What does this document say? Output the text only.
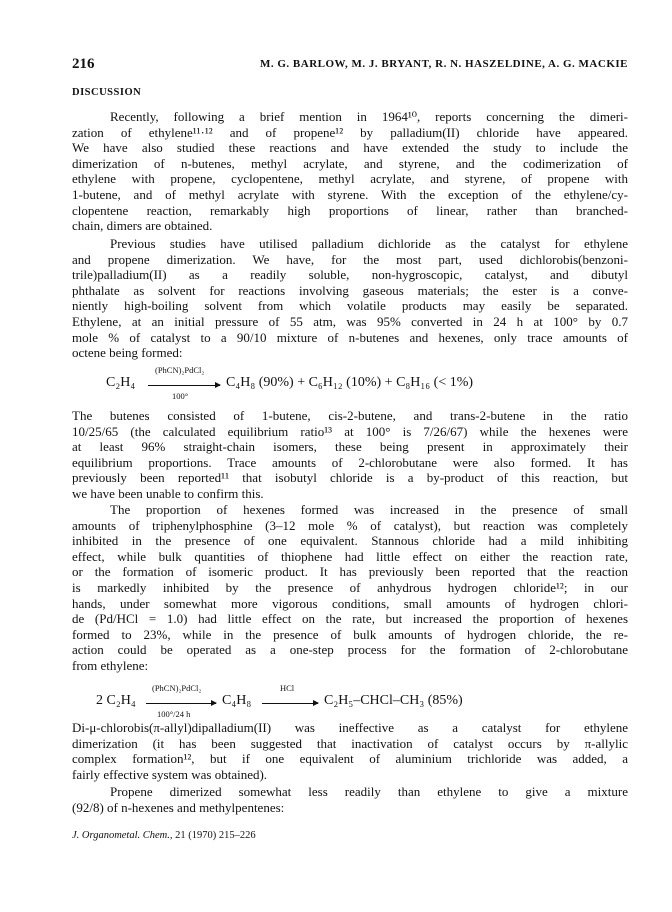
216	M. G. BARLOW, M. J. BRYANT, R. N. HASZELDINE, A. G. MACKIE
DISCUSSION
Recently, following a brief mention in 1964¹⁰, reports concerning the dimeri-
zation of ethylene¹¹·¹² and of propene¹² by palladium(II) chloride have appeared.
We have also studied these reactions and have extended the study to include the
dimerization of n-butenes, methyl acrylate, and styrene, and the codimerization of
ethylene with propene, cyclopentene, methyl acrylate, and styrene, of propene with
1-butene, and of methyl acrylate with styrene. With the exception of the ethylene/cy-
clopentene reaction, remarkably high proportions of linear, rather than branched-
chain, dimers are obtained.
Previous studies have utilised palladium dichloride as the catalyst for ethylene
and propene dimerization. We have, for the most part, used dichlorobis(benzoni-
trile)palladium(II) as a readily soluble, non-hygroscopic, catalyst, and dibutyl
phthalate as solvent for reactions involving gaseous materials; the ester is a conve-
niently high-boiling solvent from which volatile products may easily be separated.
Ethylene, at an initial pressure of 55 atm, was 95% converted in 24 h at 100° by 0.7
mole % of catalyst to a 90/10 mixture of n-butenes and hexenes, only trace amounts of
octene being formed:
(PhCN)₂PdCl₂
C₂H₄
100°
C₄H₈ (90%) + C₆H₁₂ (10%) + C₈H₁₆ (< 1%)
The butenes consisted of 1-butene, cis-2-butene, and trans-2-butene in the ratio
10/25/65 (the calculated equilibrium ratio¹³ at 100° is 7/26/67) while the hexenes were
at least 96% straight-chain isomers, these being present in approximately their
equilibrium proportions. Trace amounts of 2-chlorobutane were also formed. It has
previously been reported¹¹ that isobutyl chloride is a by-product of this reaction, but
we have been unable to confirm this.
The proportion of hexenes formed was increased in the presence of small
amounts of triphenylphosphine (3–12 mole % of catalyst), but reaction was completely
inhibited in the presence of one equivalent. Stannous chloride had a mild inhibiting
effect, while bulk quantities of thiophene had little effect on either the reaction rate,
or the formation of isomeric product. It has previously been reported that the reaction
is markedly inhibited by the presence of anhydrous hydrogen chloride¹²; in our
hands, under somewhat more vigorous conditions, small amounts of hydrogen chlori-
de (Pd/HCl = 1.0) had little effect on the rate, but increased the proportion of hexenes
formed to 23%, while in the presence of bulk amounts of hydrogen chloride, the re-
action could be operated as a one-step process for the formation of 2-chlorobutane
from ethylene:
(PhCN)₂PdCl₂
2 C₂H₄
100°/24 h
C₄H₈
HCl
→ C₂H₅–CHCl–CH₃ (85%)
Di-μ-chlorobis(π-allyl)dipalladium(II) was ineffective as a catalyst for ethylene
dimerization (it has been suggested that inactivation of catalyst occurs by π-allylic
complex formation¹², but if one equivalent of aluminium trichloride was added, a
fairly effective system was obtained).
Propene dimerized somewhat less readily than ethylene to give a mixture
(92/8) of n-hexenes and methylpentenes:
J. Organometal. Chem., 21 (1970) 215–226
